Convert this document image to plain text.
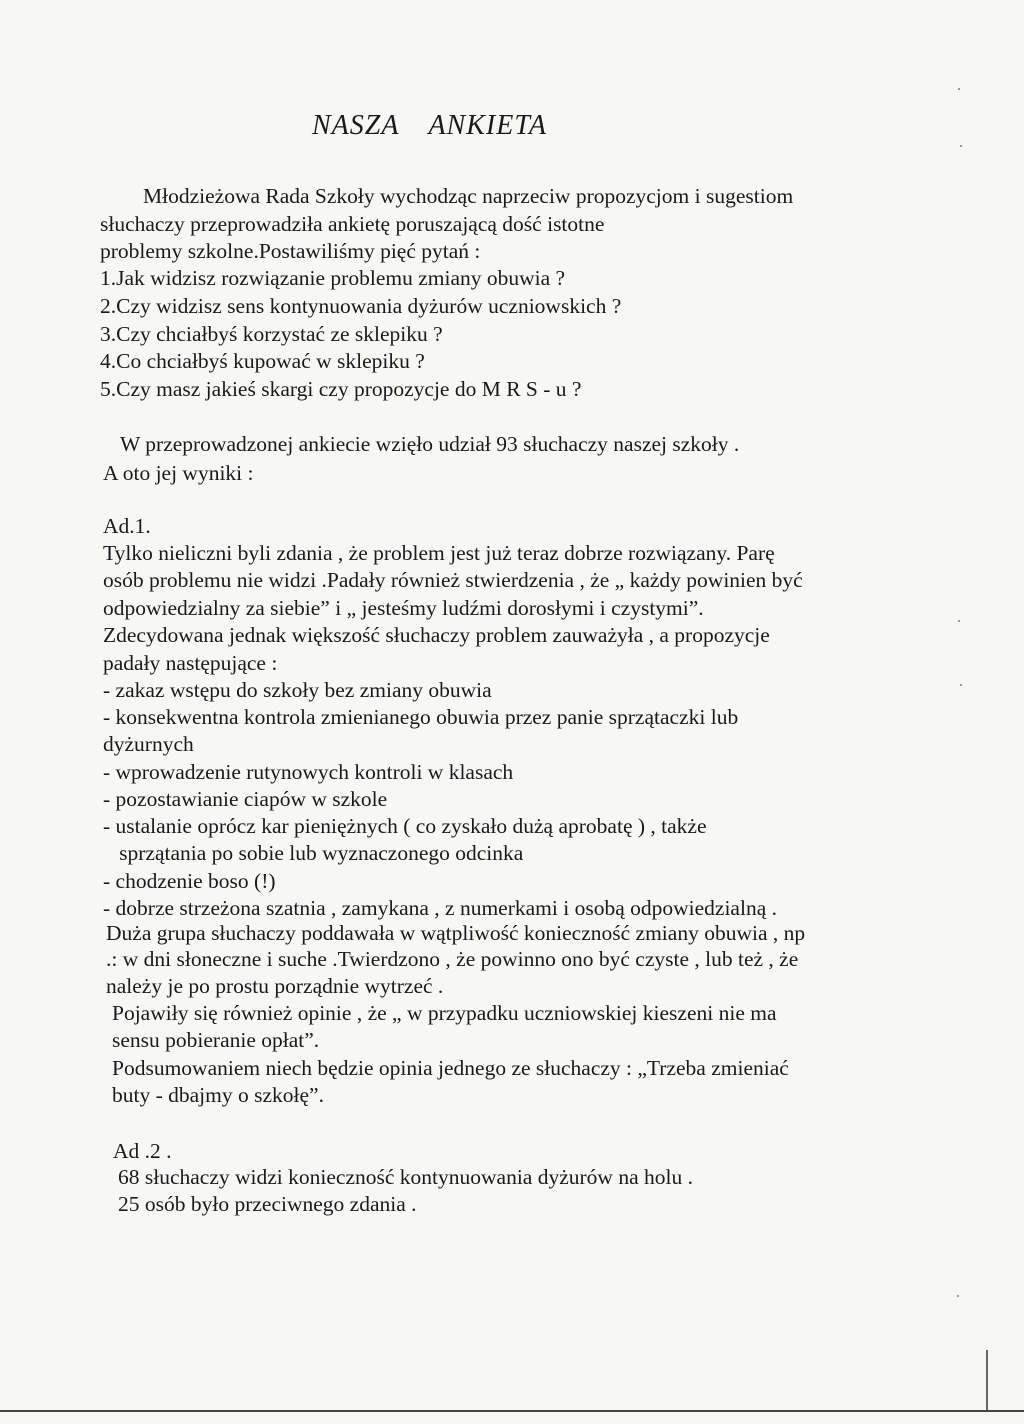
NASZA ANKIETA
Młodzieżowa Rada Szkoły wychodząc naprzeciw propozycjom i sugestiom
słuchaczy przeprowadziła ankietę poruszającą dość istotne
problemy szkolne.Postawiliśmy pięć pytań :
1.Jak widzisz rozwiązanie problemu zmiany obuwia ?
2.Czy widzisz sens kontynuowania dyżurów uczniowskich ?
3.Czy chciałbyś korzystać ze sklepiku ?
4.Co chciałbyś kupować w sklepiku ?
5.Czy masz jakieś skargi czy propozycje do M R S - u ?
W przeprowadzonej ankiecie wzięło udział 93 słuchaczy naszej szkoły .
A oto jej wyniki :
Ad.1.
Tylko nieliczni byli zdania , że problem jest już teraz dobrze rozwiązany. Parę
osób problemu nie widzi .Padały również stwierdzenia , że „ każdy powinien być
odpowiedzialny za siebie” i „ jesteśmy ludźmi dorosłymi i czystymi”.
Zdecydowana jednak większość słuchaczy problem zauważyła , a propozycje
padały następujące :
- zakaz wstępu do szkoły bez zmiany obuwia
- konsekwentna kontrola zmienianego obuwia przez panie sprzątaczki lub
dyżurnych
- wprowadzenie rutynowych kontroli w klasach
- pozostawianie ciapów w szkole
- ustalanie oprócz kar pieniężnych ( co zyskało dużą aprobatę ) , także
sprzątania po sobie lub wyznaczonego odcinka
- chodzenie boso (!)
- dobrze strzeżona szatnia , zamykana , z numerkami i osobą odpowiedzialną .
Duża grupa słuchaczy poddawała w wątpliwość konieczność zmiany obuwia , np
.: w dni słoneczne i suche .Twierdzono , że powinno ono być czyste , lub też , że
należy je po prostu porządnie wytrzeć .
Pojawiły się również opinie , że „ w przypadku uczniowskiej kieszeni nie ma
sensu pobieranie opłat”.
Podsumowaniem niech będzie opinia jednego ze słuchaczy : „Trzeba zmieniać
buty - dbajmy o szkołę”.
Ad .2 .
68 słuchaczy widzi konieczność kontynuowania dyżurów na holu .
25 osób było przeciwnego zdania .
